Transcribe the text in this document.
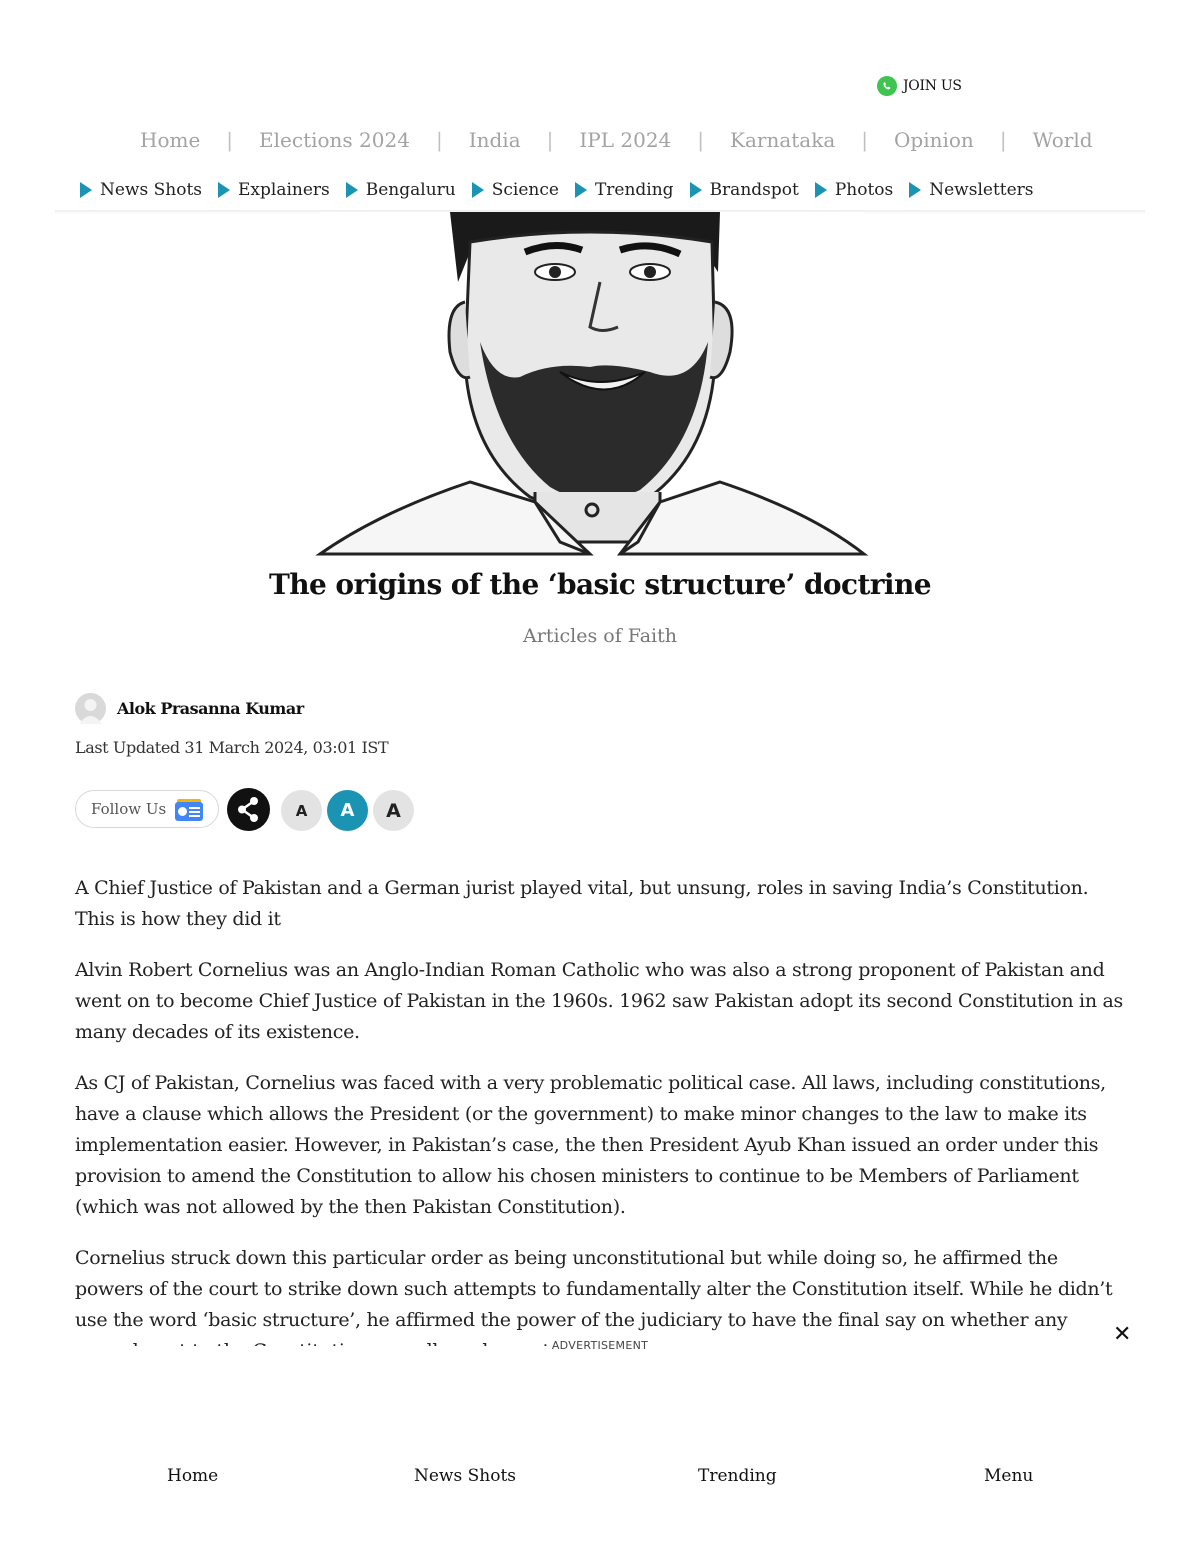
JOIN US
Home | Elections 2024 | India | IPL 2024 | Karnataka | Opinion | World
News Shots Explainers Bengaluru Science Trending Brandspot Photos Newsletters
The origins of the ‘basic structure’ doctrine
Articles of Faith
Alok Prasanna Kumar
Last Updated 31 March 2024, 03:01 IST
Follow Us	A	A	A

A Chief Justice of Pakistan and a German jurist played vital, but unsung, roles in saving India’s Constitution. This is how they did it

Alvin Robert Cornelius was an Anglo-Indian Roman Catholic who was also a strong proponent of Pakistan and went on to become Chief Justice of Pakistan in the 1960s. 1962 saw Pakistan adopt its second Constitution in as many decades of its existence.

As CJ of Pakistan, Cornelius was faced with a very problematic political case. All laws, including constitutions, have a clause which allows the President (or the government) to make minor changes to the law to make its implementation easier. However, in Pakistan’s case, the then President Ayub Khan issued an order under this provision to amend the Constitution to allow his chosen ministers to continue to be Members of Parliament (which was not allowed by the then Pakistan Constitution).

Cornelius struck down this particular order as being unconstitutional but while doing so, he affirmed the powers of the court to strike down such attempts to fundamentally alter the Constitution itself. While he didn’t use the word ‘basic structure’, he affirmed the power of the judiciary to have the final say on whether any

ADVERTISEMENT	✕
Home	News Shots	Trending	Menu
